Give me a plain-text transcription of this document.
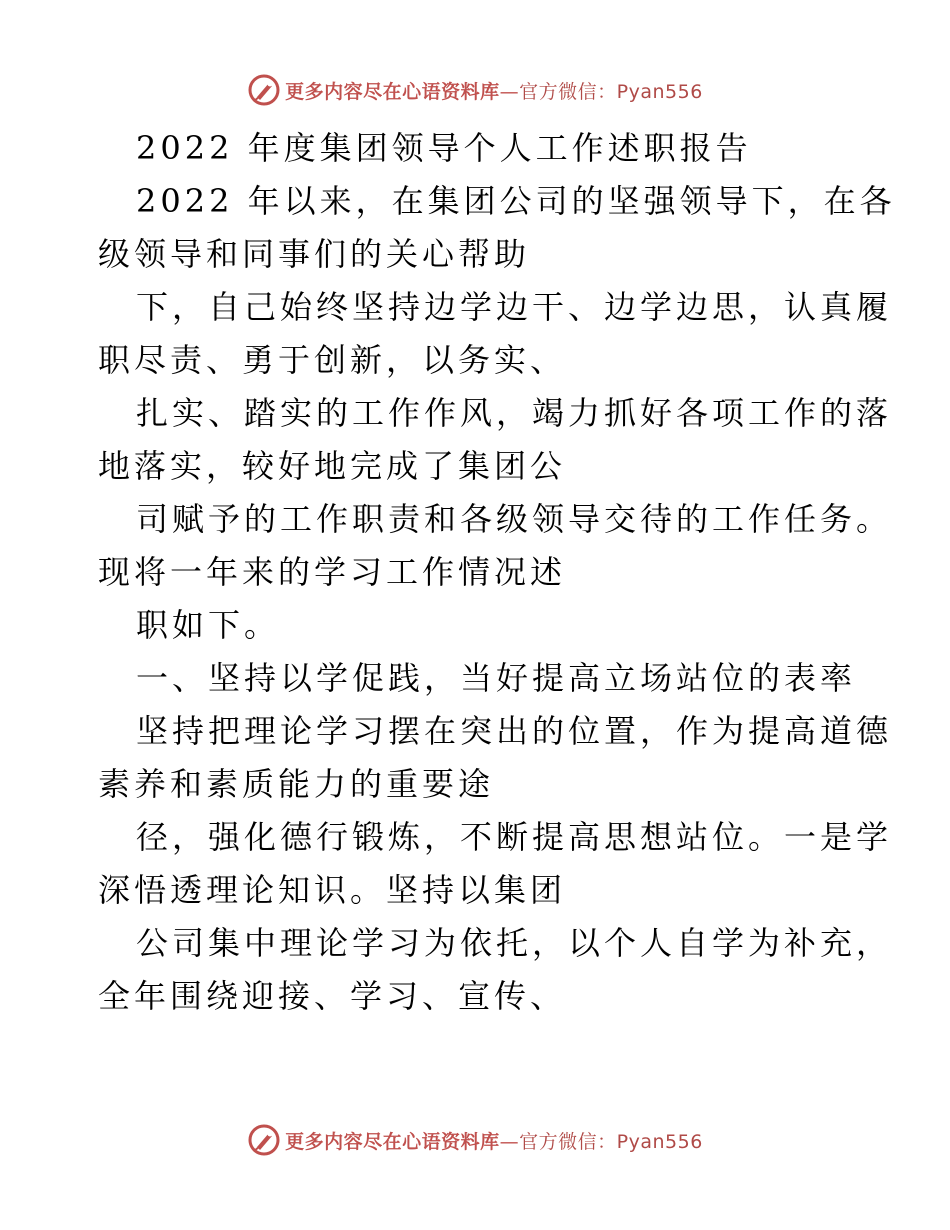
更多内容尽在心语资料库—官方微信：Pyan556
2022 年度集团领导个人工作述职报告
2022 年以来，在集团公司的坚强领导下，在各
级领导和同事们的关心帮助
下，自己始终坚持边学边干、边学边思，认真履
职尽责、勇于创新，以务实、
扎实、踏实的工作作风，竭力抓好各项工作的落
地落实，较好地完成了集团公
司赋予的工作职责和各级领导交待的工作任务。
现将一年来的学习工作情况述
职如下。
一、坚持以学促践，当好提高立场站位的表率
坚持把理论学习摆在突出的位置，作为提高道德
素养和素质能力的重要途
径，强化德行锻炼，不断提高思想站位。一是学
深悟透理论知识。坚持以集团
公司集中理论学习为依托，以个人自学为补充，
全年围绕迎接、学习、宣传、
更多内容尽在心语资料库—官方微信：Pyan556
